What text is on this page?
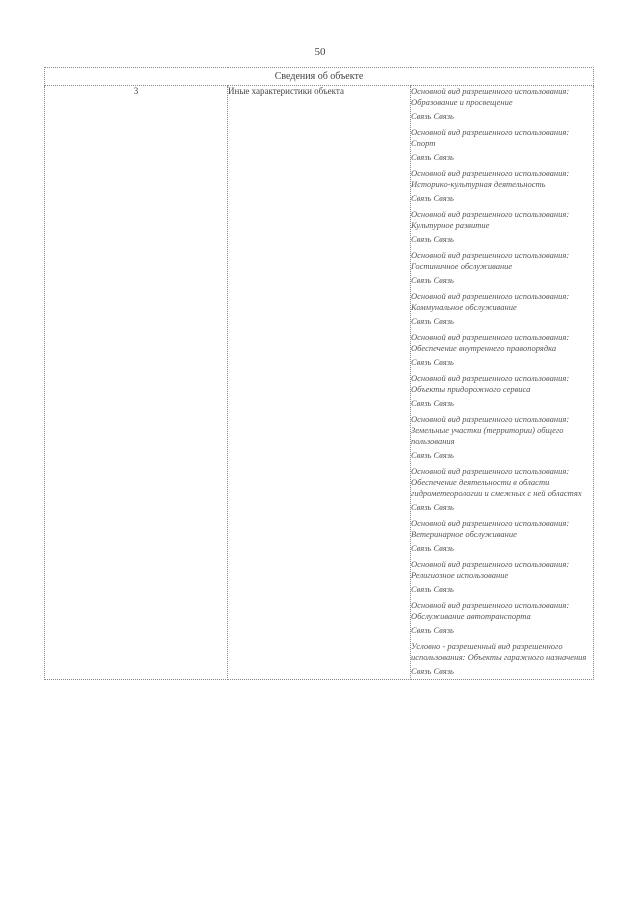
50
Сведения об объекте
3	Иные характеристики объекта	Основной вид разрешенного использования: Образование и просвещение
Связь Связь
Основной вид разрешенного использования: Спорт
Связь Связь
Основной вид разрешенного использования: Историко-культурная деятельность
Связь Связь
Основной вид разрешенного использования: Культурное развитие
Связь Связь
Основной вид разрешенного использования: Гостиничное обслуживание
Связь Связь
Основной вид разрешенного использования: Коммунальное обслуживание
Связь Связь
Основной вид разрешенного использования: Обеспечение внутреннего правопорядка
Связь Связь
Основной вид разрешенного использования: Объекты придорожного сервиса
Связь Связь
Основной вид разрешенного использования: Земельные участки (территории) общего пользования
Связь Связь
Основной вид разрешенного использования: Обеспечение деятельности в области гидрометеорологии и смежных с ней областях
Связь Связь
Основной вид разрешенного использования: Ветеринарное обслуживание
Связь Связь
Основной вид разрешенного использования: Религиозное использование
Связь Связь
Основной вид разрешенного использования: Обслуживание автотранспорта
Связь Связь
Условно - разрешенный вид разрешенного использования: Объекты гаражного назначения
Связь Связь
